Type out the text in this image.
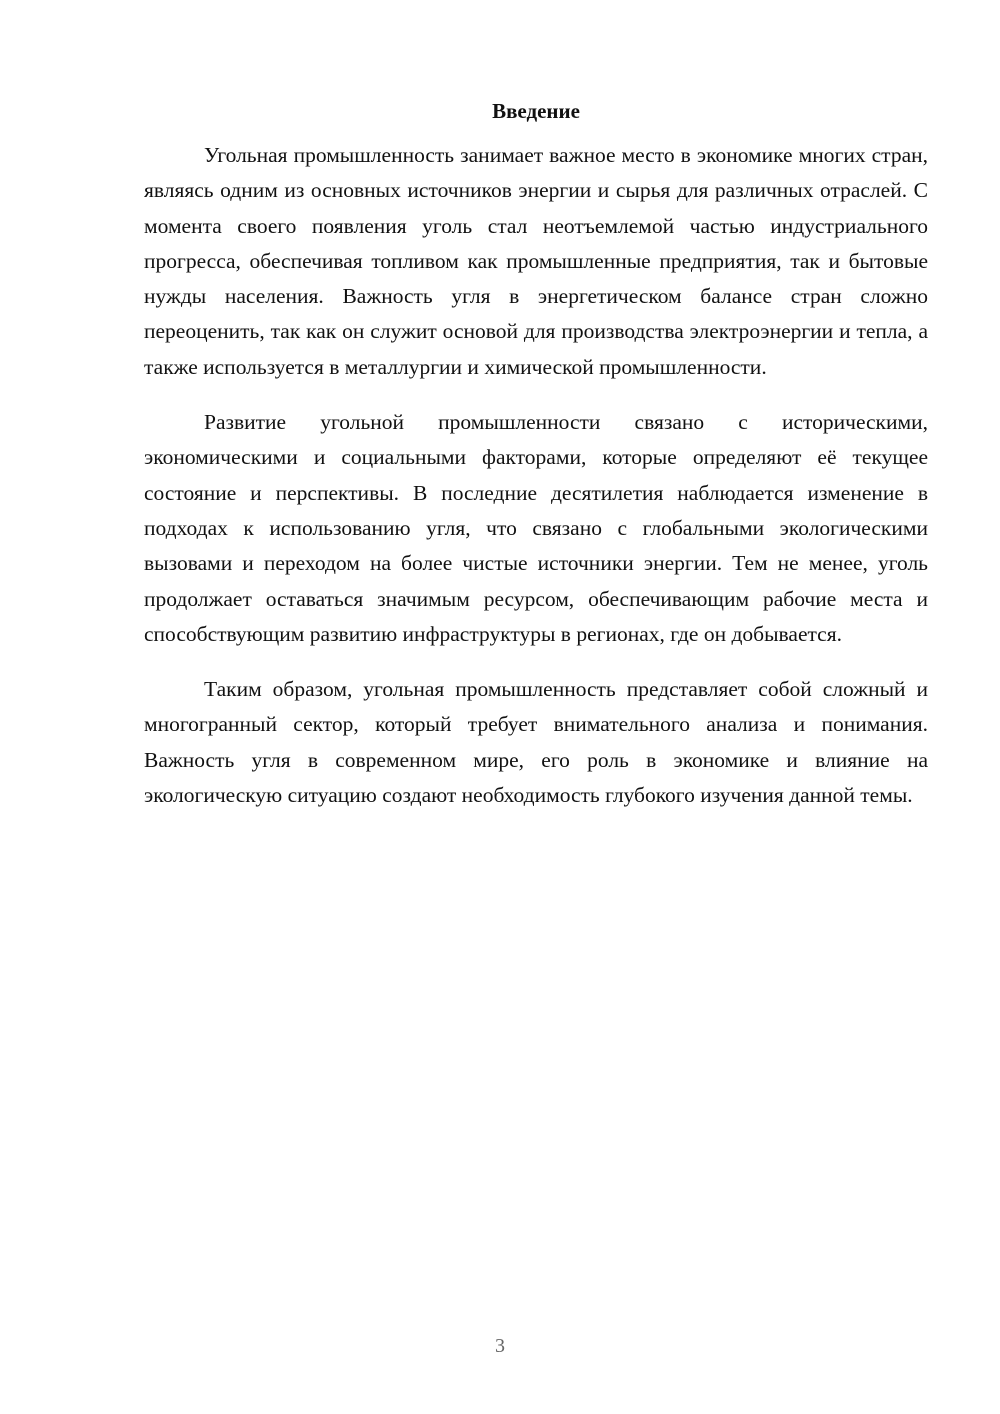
Введение

Угольная промышленность занимает важное место в экономике многих стран, являясь одним из основных источников энергии и сырья для различных отраслей. С момента своего появления уголь стал неотъемлемой частью индустриального прогресса, обеспечивая топливом как промышленные предприятия, так и бытовые нужды населения. Важность угля в энергетическом балансе стран сложно переоценить, так как он служит основой для производства электроэнергии и тепла, а также используется в металлургии и химической промышленности.

Развитие угольной промышленности связано с историческими, экономическими и социальными факторами, которые определяют её текущее состояние и перспективы. В последние десятилетия наблюдается изменение в подходах к использованию угля, что связано с глобальными экологическими вызовами и переходом на более чистые источники энергии. Тем не менее, уголь продолжает оставаться значимым ресурсом, обеспечивающим рабочие места и способствующим развитию инфраструктуры в регионах, где он добывается.

Таким образом, угольная промышленность представляет собой сложный и многогранный сектор, который требует внимательного анализа и понимания. Важность угля в современном мире, его роль в экономике и влияние на экологическую ситуацию создают необходимость глубокого изучения данной темы.

3
